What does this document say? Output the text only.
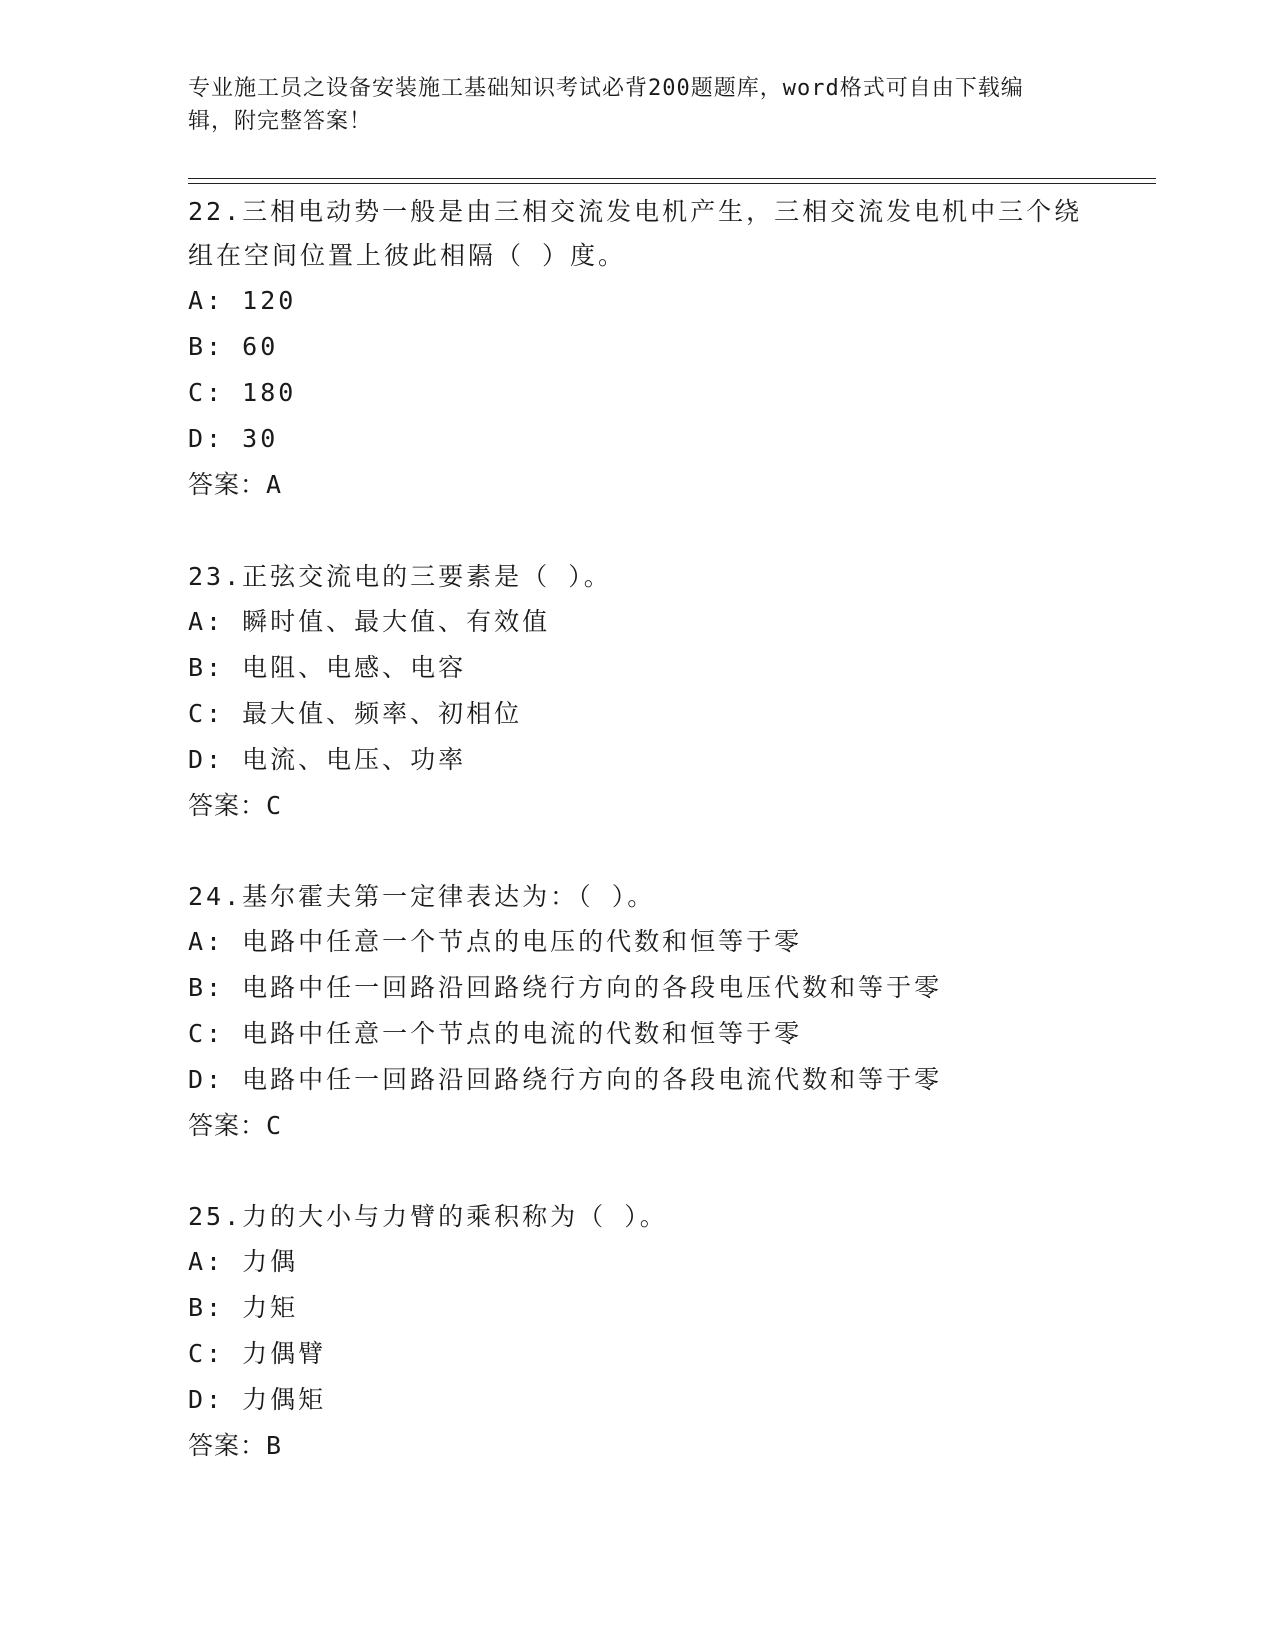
专业施工员之设备安装施工基础知识考试必背200题题库，word格式可自由下载编辑，附完整答案！

22.三相电动势一般是由三相交流发电机产生，三相交流发电机中三个绕组在空间位置上彼此相隔（ ）度。

A: 120

B: 60

C: 180

D: 30

答案：A

23.正弦交流电的三要素是（ ）。

A: 瞬时值、最大值、有效值

B: 电阻、电感、电容

C: 最大值、频率、初相位

D: 电流、电压、功率

答案：C

24.基尔霍夫第一定律表达为：（ ）。

A: 电路中任意一个节点的电压的代数和恒等于零

B: 电路中任一回路沿回路绕行方向的各段电压代数和等于零

C: 电路中任意一个节点的电流的代数和恒等于零

D: 电路中任一回路沿回路绕行方向的各段电流代数和等于零

答案：C

25.力的大小与力臂的乘积称为（ ）。

A: 力偶

B: 力矩

C: 力偶臂

D: 力偶矩

答案：B
